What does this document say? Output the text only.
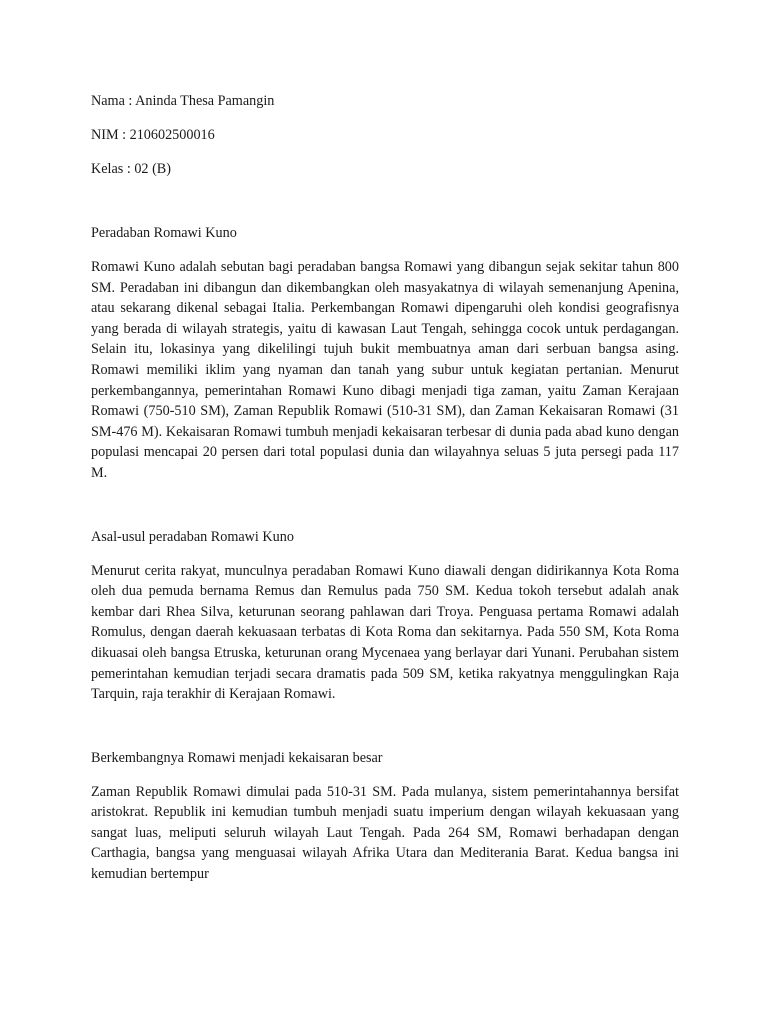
Nama : Aninda Thesa Pamangin

NIM : 210602500016

Kelas : 02 (B)

Peradaban Romawi Kuno

Romawi Kuno adalah sebutan bagi peradaban bangsa Romawi yang dibangun sejak sekitar tahun 800 SM. Peradaban ini dibangun dan dikembangkan oleh masyakatnya di wilayah semenanjung Apenina, atau sekarang dikenal sebagai Italia. Perkembangan Romawi dipengaruhi oleh kondisi geografisnya yang berada di wilayah strategis, yaitu di kawasan Laut Tengah, sehingga cocok untuk perdagangan. Selain itu, lokasinya yang dikelilingi tujuh bukit membuatnya aman dari serbuan bangsa asing. Romawi memiliki iklim yang nyaman dan tanah yang subur untuk kegiatan pertanian. Menurut perkembangannya, pemerintahan Romawi Kuno dibagi menjadi tiga zaman, yaitu Zaman Kerajaan Romawi (750-510 SM), Zaman Republik Romawi (510-31 SM), dan Zaman Kekaisaran Romawi (31 SM-476 M). Kekaisaran Romawi tumbuh menjadi kekaisaran terbesar di dunia pada abad kuno dengan populasi mencapai 20 persen dari total populasi dunia dan wilayahnya seluas 5 juta persegi pada 117 M.

Asal-usul peradaban Romawi Kuno

Menurut cerita rakyat, munculnya peradaban Romawi Kuno diawali dengan didirikannya Kota Roma oleh dua pemuda bernama Remus dan Remulus pada 750 SM. Kedua tokoh tersebut adalah anak kembar dari Rhea Silva, keturunan seorang pahlawan dari Troya. Penguasa pertama Romawi adalah Romulus, dengan daerah kekuasaan terbatas di Kota Roma dan sekitarnya. Pada 550 SM, Kota Roma dikuasai oleh bangsa Etruska, keturunan orang Mycenaea yang berlayar dari Yunani. Perubahan sistem pemerintahan kemudian terjadi secara dramatis pada 509 SM, ketika rakyatnya menggulingkan Raja Tarquin, raja terakhir di Kerajaan Romawi.

Berkembangnya Romawi menjadi kekaisaran besar

Zaman Republik Romawi dimulai pada 510-31 SM. Pada mulanya, sistem pemerintahannya bersifat aristokrat. Republik ini kemudian tumbuh menjadi suatu imperium dengan wilayah kekuasaan yang sangat luas, meliputi seluruh wilayah Laut Tengah. Pada 264 SM, Romawi berhadapan dengan Carthagia, bangsa yang menguasai wilayah Afrika Utara dan Mediterania Barat. Kedua bangsa ini kemudian bertempur
